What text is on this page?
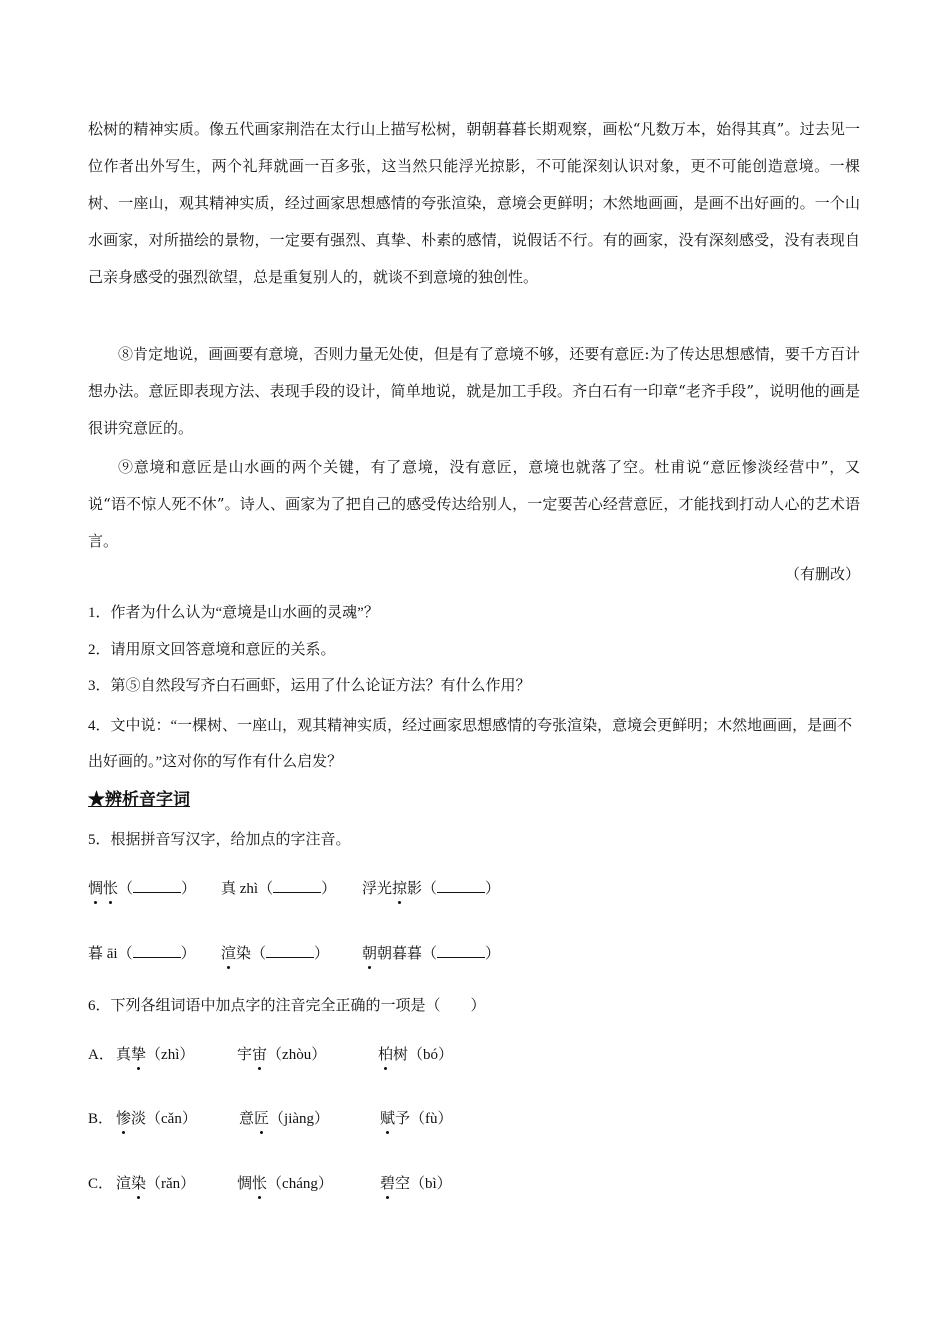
松树的精神实质。像五代画家荆浩在太行山上描写松树，朝朝暮暮长期观察，画松“凡数万本，始得其真”。过去见一位作者出外写生，两个礼拜就画一百多张，这当然只能浮光掠影，不可能深刻认识对象，更不可能创造意境。一棵树、一座山，观其精神实质，经过画家思想感情的夸张渲染，意境会更鲜明；木然地画画，是画不出好画的。一个山水画家，对所描绘的景物，一定要有强烈、真挚、朴素的感情，说假话不行。有的画家，没有深刻感受，没有表现自己亲身感受的强烈欲望，总是重复别人的，就谈不到意境的独创性。

⑧肯定地说，画画要有意境，否则力量无处使，但是有了意境不够，还要有意匠:为了传达思想感情，要千方百计想办法。意匠即表现方法、表现手段的设计，简单地说，就是加工手段。齐白石有一印章“老齐手段”，说明他的画是很讲究意匠的。

⑨意境和意匠是山水画的两个关键，有了意境，没有意匠，意境也就落了空。杜甫说“意匠惨淡经营中”，又说“语不惊人死不休”。诗人、画家为了把自己的感受传达给别人，一定要苦心经营意匠，才能找到打动人心的艺术语言。

（有删改）

1．作者为什么认为“意境是山水画的灵魂”？

2．请用原文回答意境和意匠的关系。

3．第⑤自然段写齐白石画虾，运用了什么论证方法？有什么作用？

4．文中说：“一棵树、一座山，观其精神实质，经过画家思想感情的夸张渲染，意境会更鲜明；木然地画画，是画不出好画的。”这对你的写作有什么启发？

★辨析音字词
5．根据拼音写汉字，给加点的字注音。
惆怅（	） 真 zhì（	） 浮光掠影（	）
暮 āi（	） 渲染（	） 朝朝暮暮（	）
6．下列各组词语中加点字的注音完全正确的一项是（　　）
A． 真挚（zhì）	宇宙（zhòu）	柏树（bó）
B． 惨淡（cǎn）	意匠（jiàng）	赋予（fù）
C． 渲染（rǎn）	惆怅（cháng）	碧空（bì）
